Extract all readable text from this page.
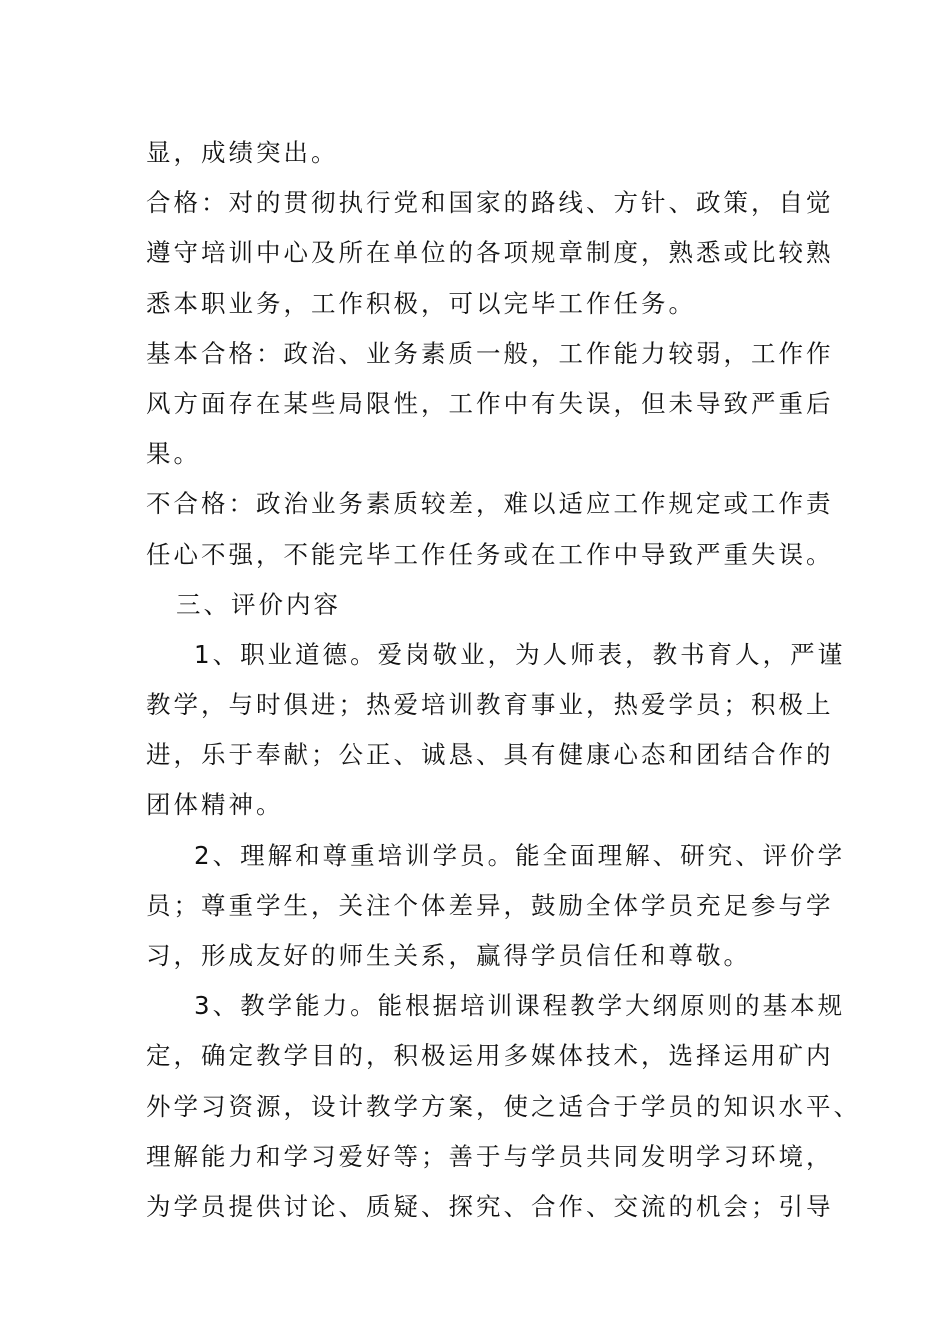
显，成绩突出。
合格：对的贯彻执行党和国家的路线、方针、政策，自觉
遵守培训中心及所在单位的各项规章制度，熟悉或比较熟
悉本职业务，工作积极，可以完毕工作任务。
基本合格：政治、业务素质一般，工作能力较弱，工作作
风方面存在某些局限性，工作中有失误，但未导致严重后
果。
不合格：政治业务素质较差，难以适应工作规定或工作责
任心不强，不能完毕工作任务或在工作中导致严重失误。
三、评价内容
1、职业道德。爱岗敬业，为人师表，教书育人，严谨
教学，与时俱进；热爱培训教育事业，热爱学员；积极上
进，乐于奉献；公正、诚恳、具有健康心态和团结合作的
团体精神。
2、理解和尊重培训学员。能全面理解、研究、评价学
员；尊重学生，关注个体差异，鼓励全体学员充足参与学
习，形成友好的师生关系，赢得学员信任和尊敬。
3、教学能力。能根据培训课程教学大纲原则的基本规
定，确定教学目的，积极运用多媒体技术，选择运用矿内
外学习资源，设计教学方案，使之适合于学员的知识水平、
理解能力和学习爱好等；善于与学员共同发明学习环境，
为学员提供讨论、质疑、探究、合作、交流的机会；引导
